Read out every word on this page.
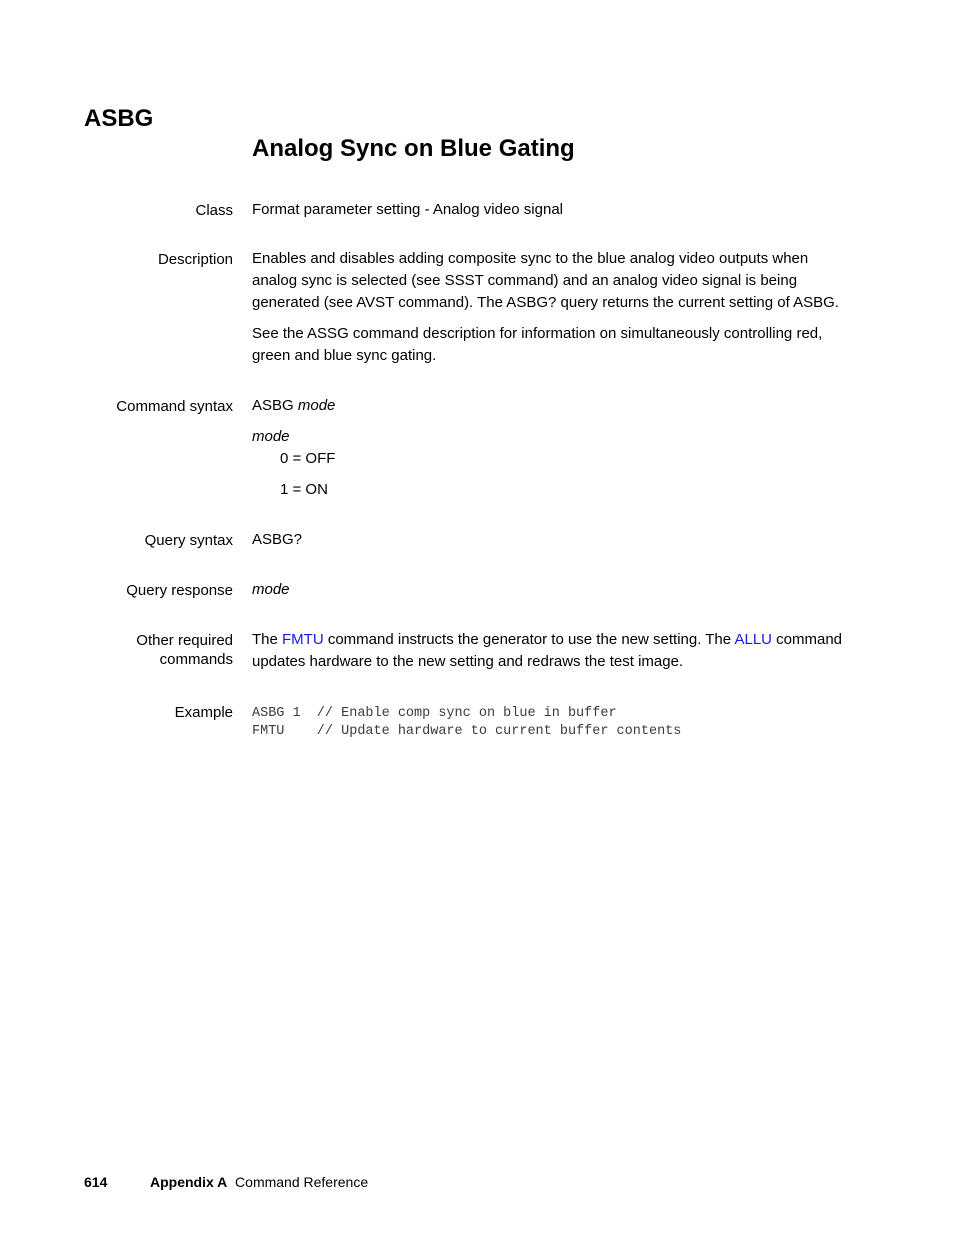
ASBG
Analog Sync on Blue Gating
Class Format parameter setting - Analog video signal

Description Enables and disables adding composite sync to the blue analog video outputs when

analog sync is selected (see SSST command) and an analog video signal is being

generated (see AVST command). The ASBG? query returns the current setting of ASBG.

See the ASSG command description for information on simultaneously controlling red,

green and blue sync gating.

Command syntax ASBG mode

mode

0 = OFF

1 = ON

Query syntax ASBG?

Query response mode

Other required
commands

The FMTU command instructs the generator to use the new setting. The ALLU command

updates hardware to the new setting and redraws the test image.

Example ASBG 1  // Enable comp sync on blue in buffer
FMTU    // Update hardware to current buffer contents
614	Appendix A Command Reference
